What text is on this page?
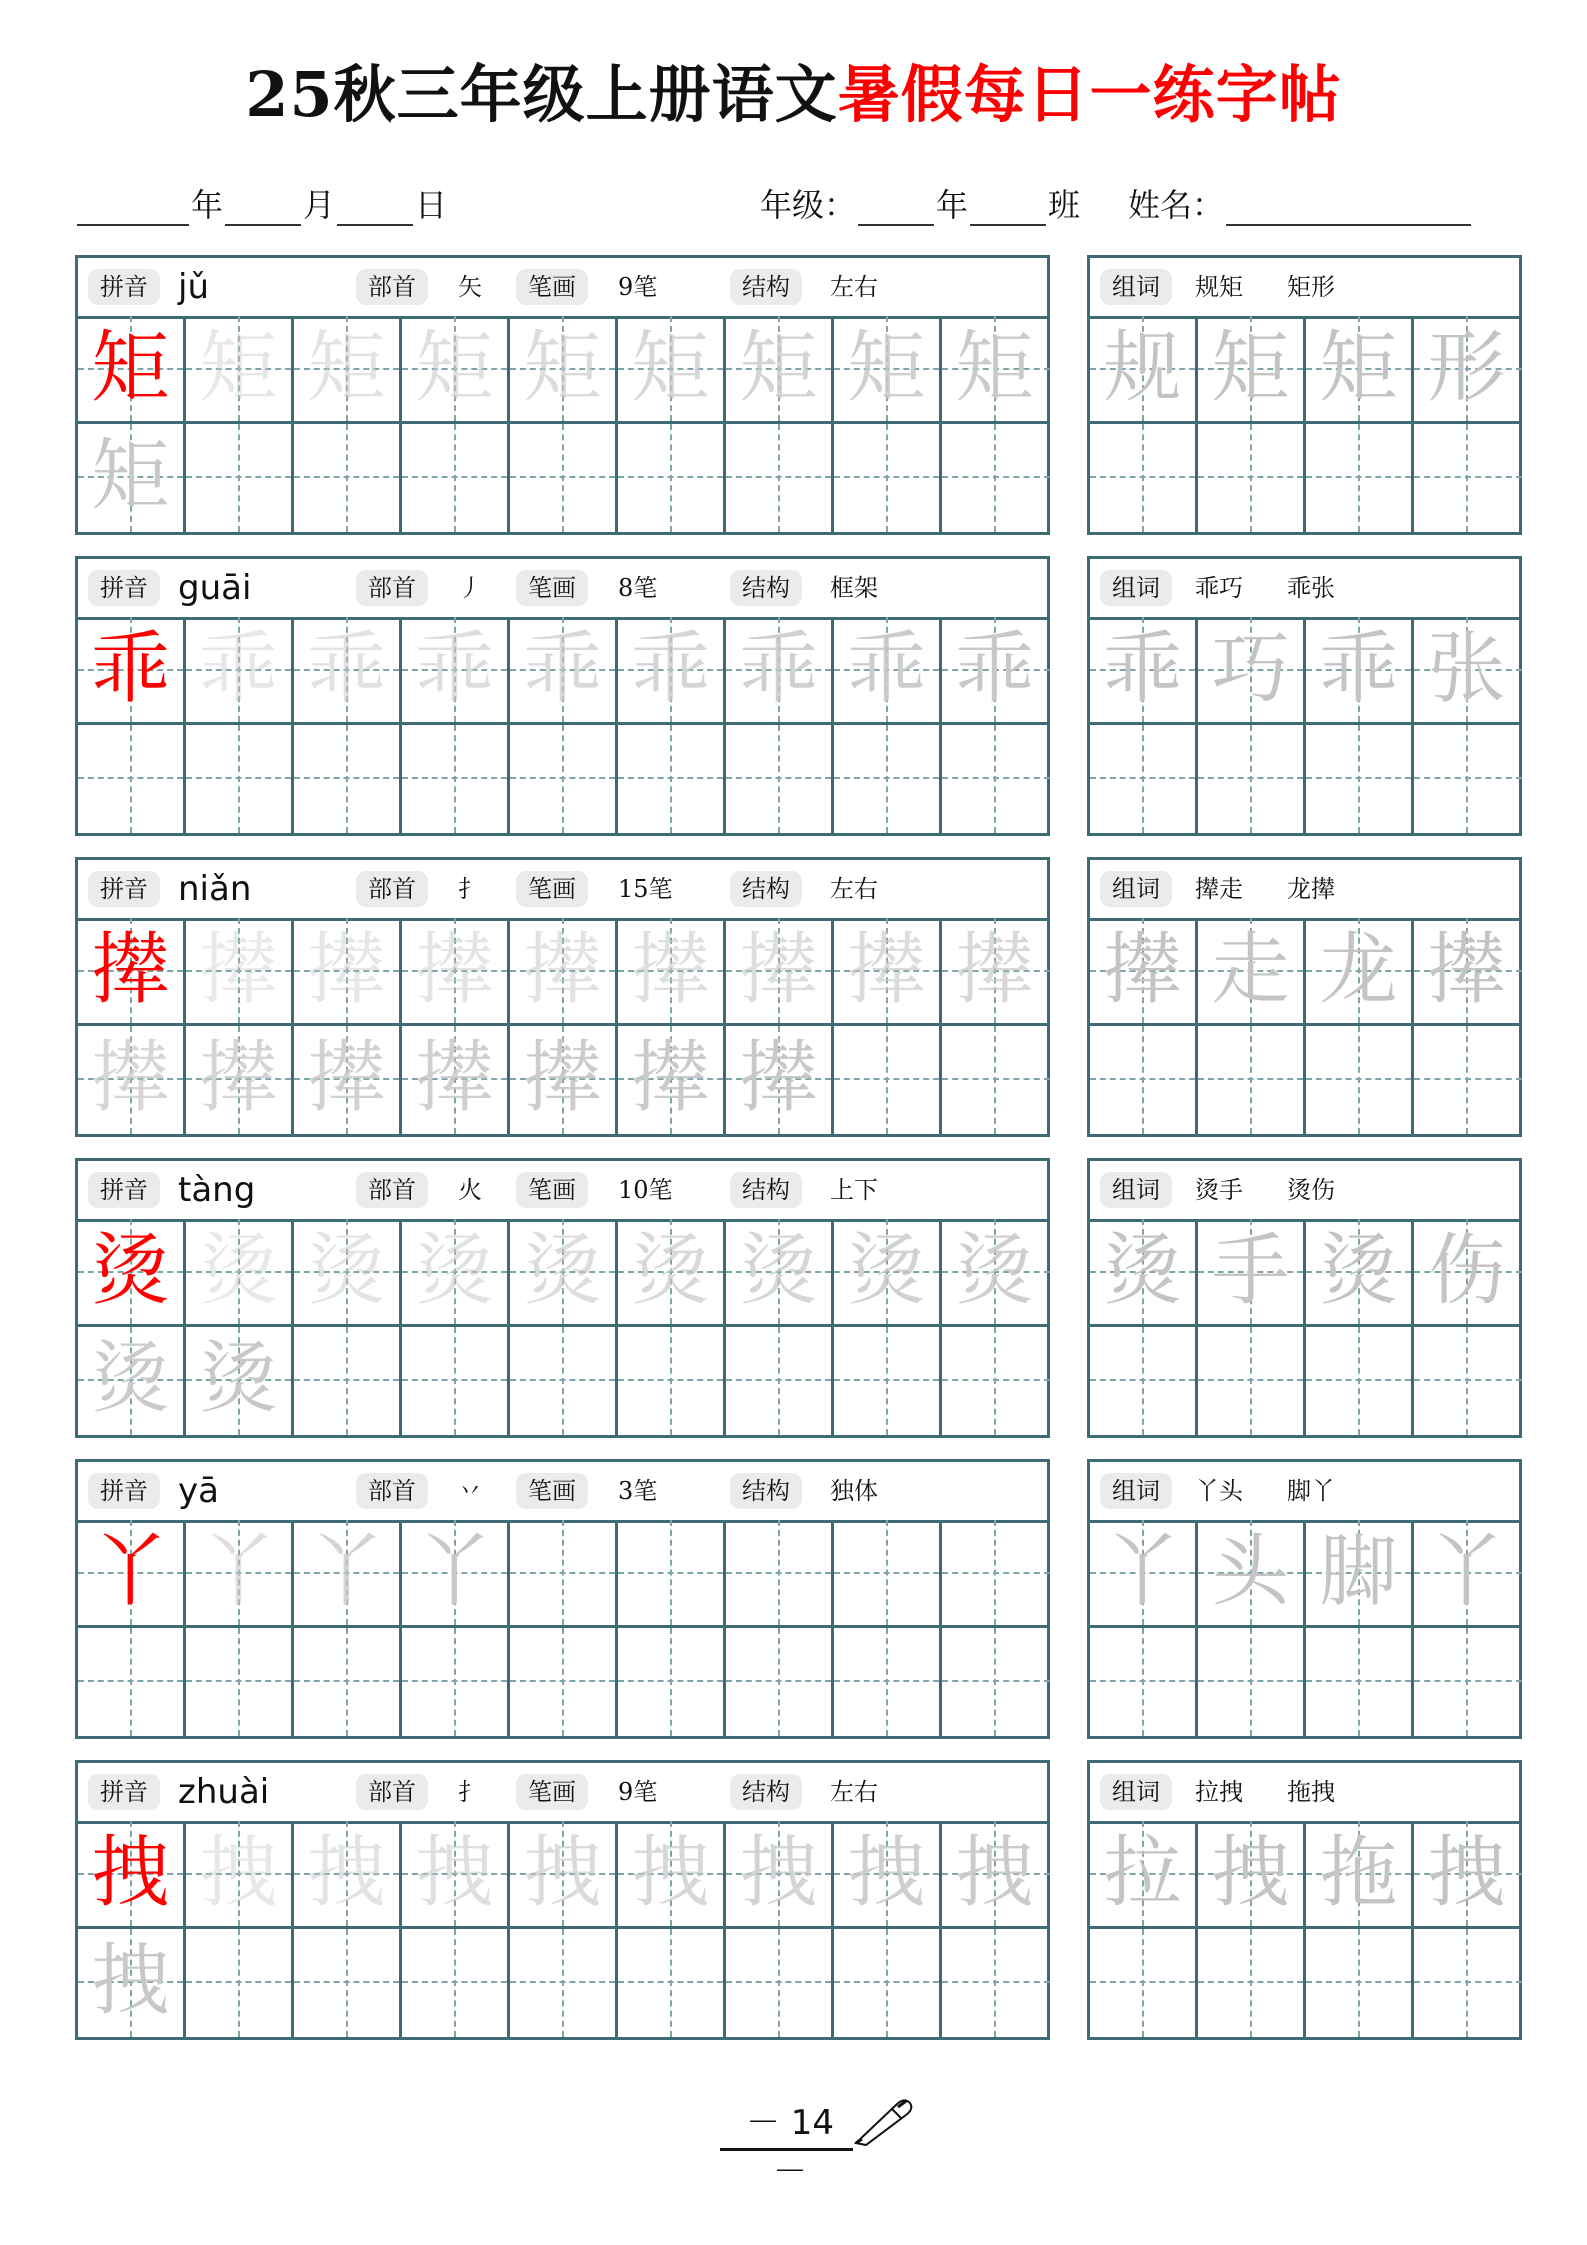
25秋三年级上册语文暑假每日一练字帖
年	月	日	年级：	年	班 姓名：
拼音 jǔ	部首	矢	笔画	9笔	结构	左右
矩 矩 矩 矩 矩 矩 矩 矩 矩
矩
组词	规矩 矩形
规 矩 矩 形
拼音 guāi	部首	丿	笔画	8笔	结构	框架
乖 乖 乖 乖 乖 乖 乖 乖 乖
组词	乖巧 乖张
乖 巧 乖 张
拼音 niǎn	部首	扌	笔画	15笔	结构	左右
撵 撵 撵 撵 撵 撵 撵 撵 撵
撵 撵 撵 撵 撵 撵 撵
组词	撵走 龙撵
撵 走 龙 撵
拼音 tàng	部首	火	笔画	10笔	结构	上下
烫 烫 烫 烫 烫 烫 烫 烫 烫
烫 烫
组词	烫手 烫伤
烫 手 烫 伤
拼音 yā	部首	丷	笔画	3笔	结构	独体
丫 丫 丫 丫
组词	丫头 脚丫
丫 头 脚 丫
拼音 zhuài	部首	扌	笔画	9笔	结构	左右
拽 拽 拽 拽 拽 拽 拽 拽 拽
拽
组词	拉拽 拖拽
拉 拽 拖 拽
－ 14 －
